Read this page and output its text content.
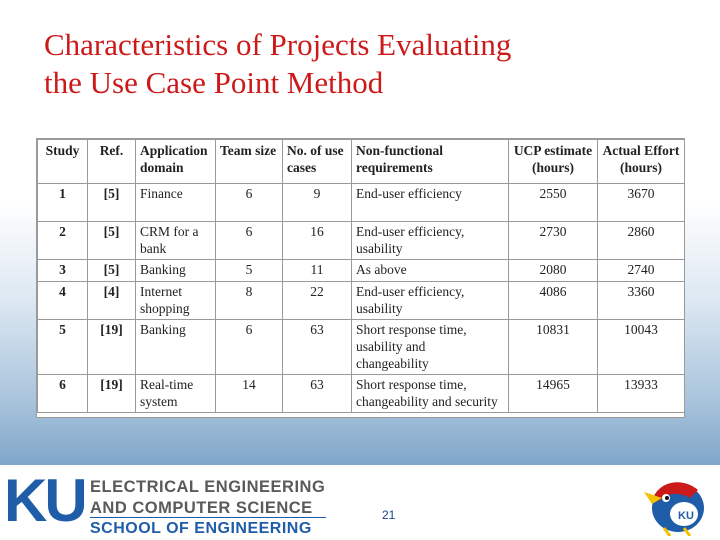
Characteristics of Projects Evaluating
the Use Case Point Method
Study	Ref.	Application
domain	Team size	No. of use
cases	Non-functional
requirements	UCP estimate
(hours)	Actual Effort
(hours)
1	[5]	Finance	6	9	End-user efficiency	2550	3670
2	[5]	CRM for a
bank	6	16	End-user efficiency,
usability	2730	2860
3	[5]	Banking	5	11	As above	2080	2740
4	[4]	Internet
shopping	8	22	End-user efficiency,
usability	4086	3360
5	[19]	Banking	6	63	Short response time,
usability and
changeability	10831	10043
6	[19]	Real-time
system	14	63	Short response time,
changeability and security	14965	13933
KU ELECTRICAL ENGINEERING
AND COMPUTER SCIENCE
SCHOOL OF ENGINEERING
21	KU
